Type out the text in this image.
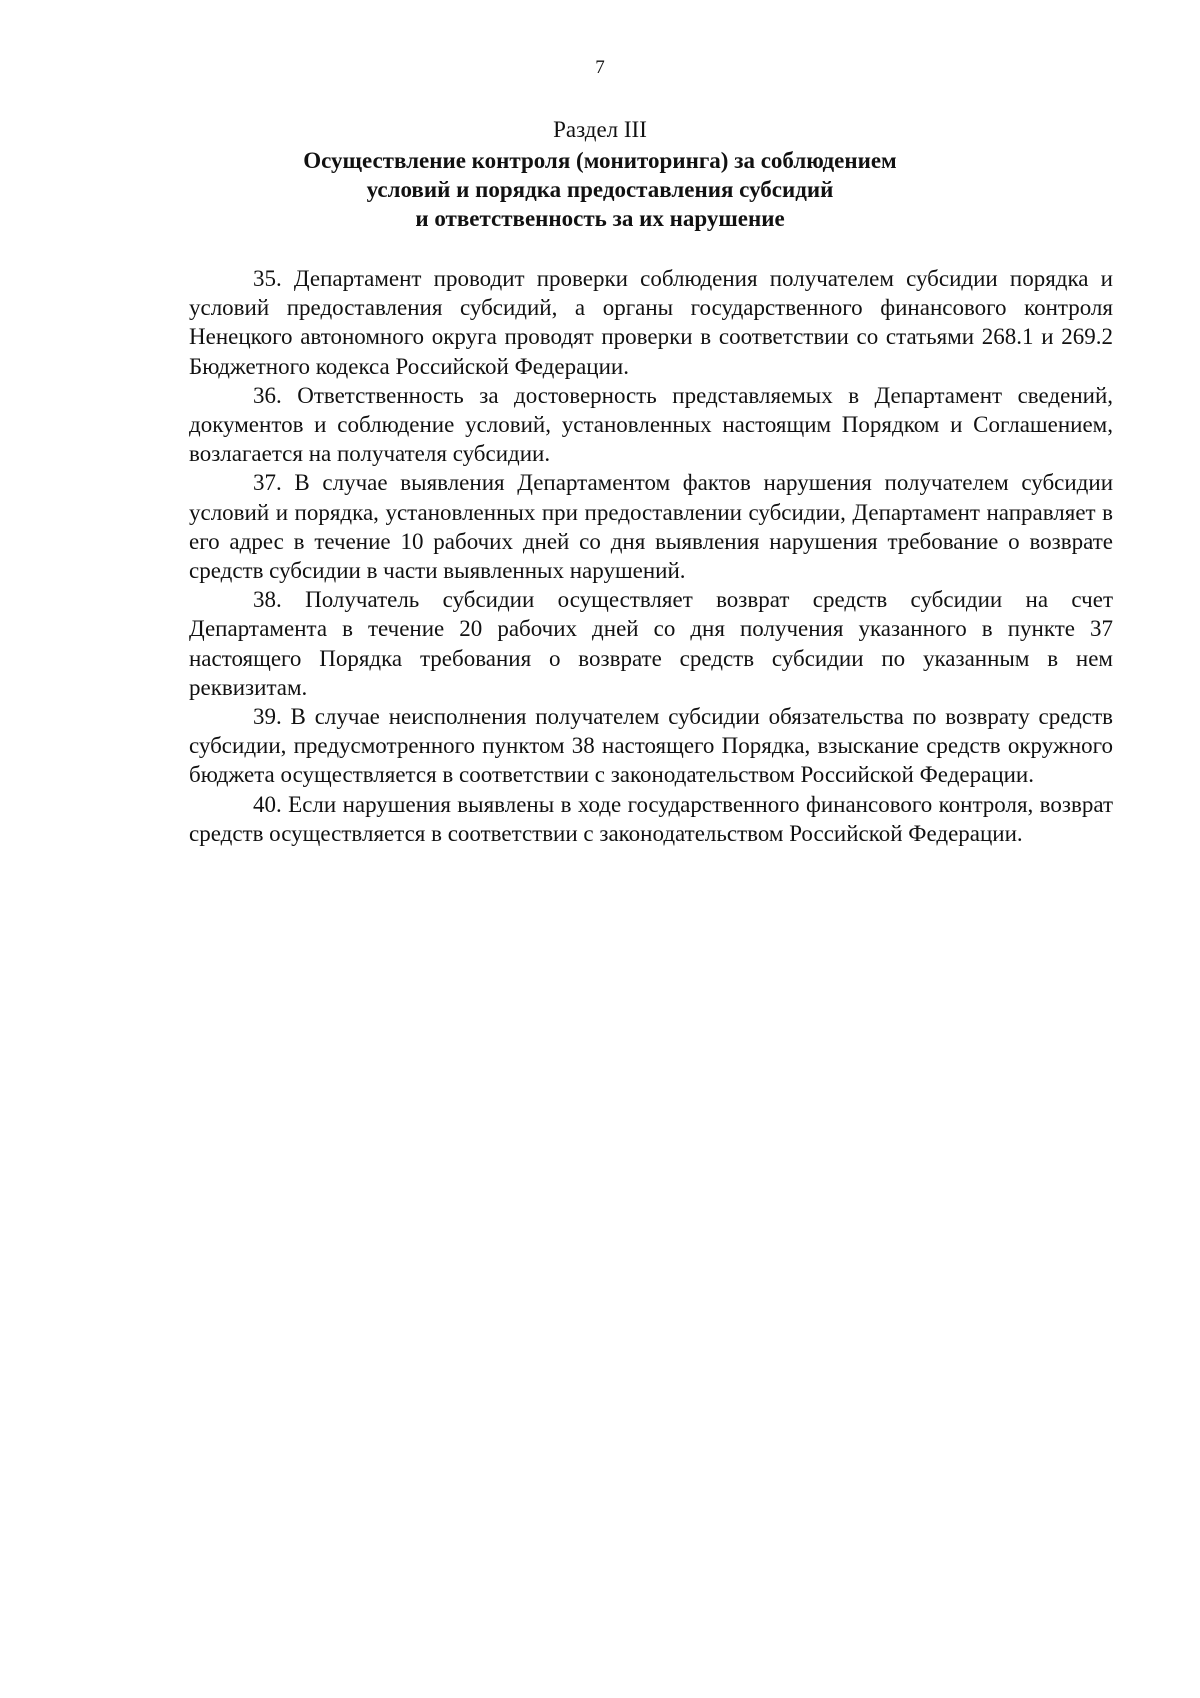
7
Раздел III
Осуществление контроля (мониторинга) за соблюдением
условий и порядка предоставления субсидий
и ответственность за их нарушение

35. Департамент проводит проверки соблюдения получателем субсидии порядка и условий предоставления субсидий, а органы государственного финансового контроля Ненецкого автономного округа проводят проверки в соответствии со статьями 268.1 и 269.2 Бюджетного кодекса Российской Федерации.

36. Ответственность за достоверность представляемых в Департамент сведений, документов и соблюдение условий, установленных настоящим Порядком и Соглашением, возлагается на получателя субсидии.

37. В случае выявления Департаментом фактов нарушения получателем субсидии условий и порядка, установленных при предоставлении субсидии, Департамент направляет в его адрес в течение 10 рабочих дней со дня выявления нарушения требование о возврате средств субсидии в части выявленных нарушений.

38. Получатель субсидии осуществляет возврат средств субсидии на счет Департамента в течение 20 рабочих дней со дня получения указанного в пункте 37 настоящего Порядка требования о возврате средств субсидии по указанным в нем реквизитам.

39. В случае неисполнения получателем субсидии обязательства по возврату средств субсидии, предусмотренного пунктом 38 настоящего Порядка, взыскание средств окружного бюджета осуществляется в соответствии с законодательством Российской Федерации.

40. Если нарушения выявлены в ходе государственного финансового контроля, возврат средств осуществляется в соответствии с законодательством Российской Федерации.
